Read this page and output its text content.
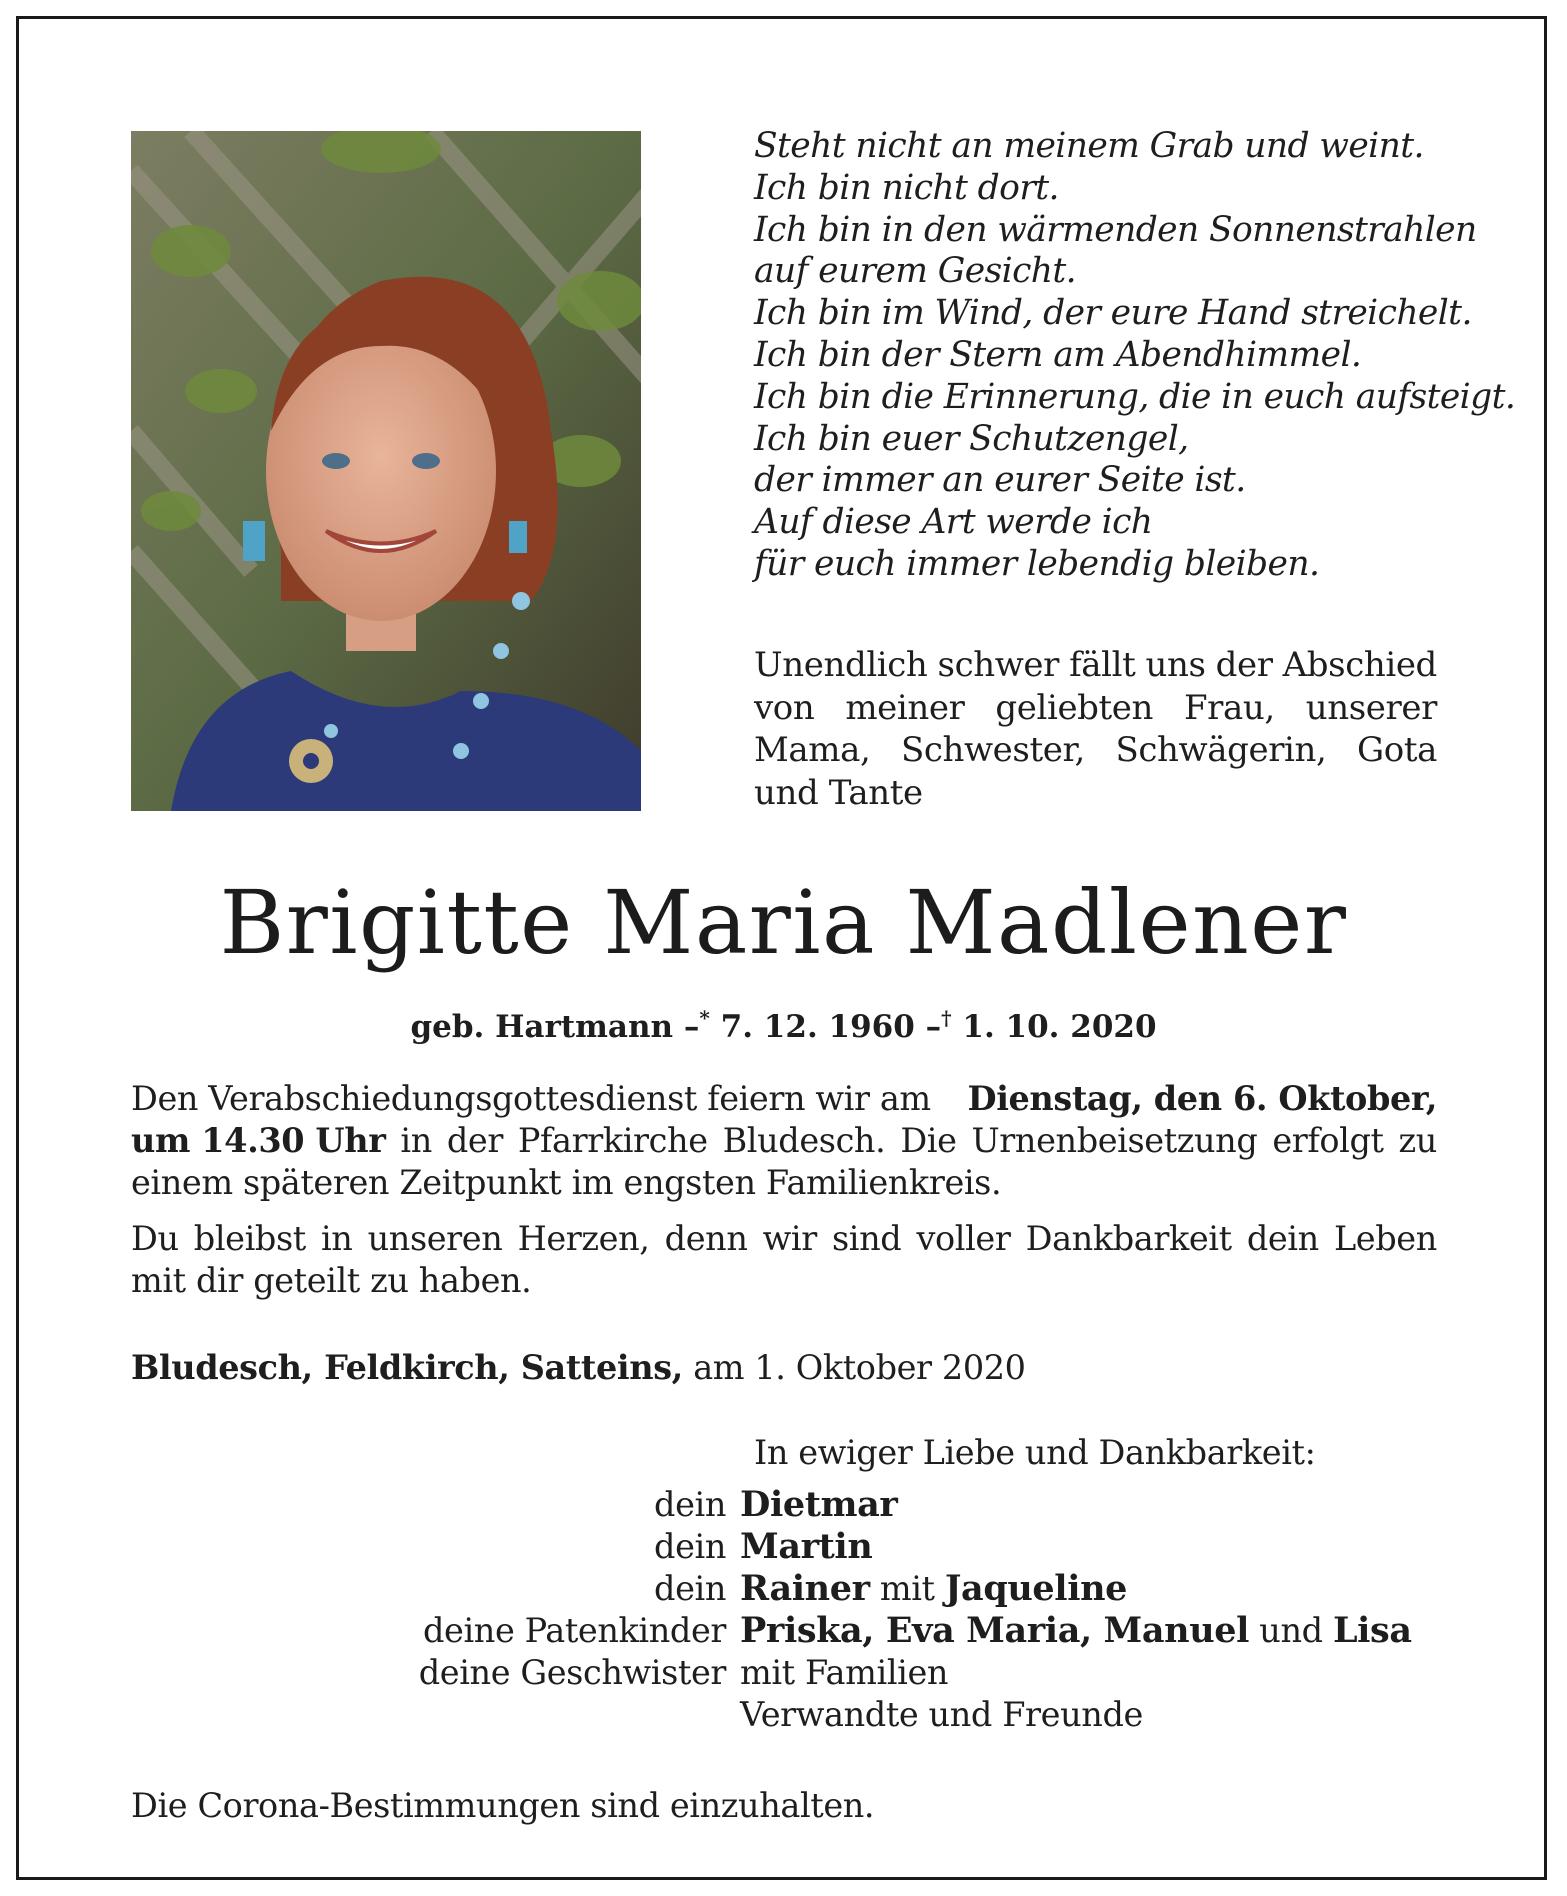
Steht nicht an meinem Grab und weint.
Ich bin nicht dort.
Ich bin in den wärmenden Sonnenstrahlen
auf eurem Gesicht.
Ich bin im Wind, der eure Hand streichelt.
Ich bin der Stern am Abendhimmel.
Ich bin die Erinnerung, die in euch aufsteigt.
Ich bin euer Schutzengel,
der immer an eurer Seite ist.
Auf diese Art werde ich
für euch immer lebendig bleiben.
Unendlich schwer fällt uns der Abschied
von meiner geliebten Frau, unserer
Mama, Schwester, Schwägerin, Gota
und Tante
Brigitte Maria Madlener
geb. Hartmann –* 7. 12. 1960 –† 1. 10. 2020
Den Verabschiedungsgottesdienst feiern wir am Dienstag, den 6. Oktober,
um 14.30 Uhr in der Pfarrkirche Bludesch. Die Urnenbeisetzung erfolgt zu
einem späteren Zeitpunkt im engsten Familienkreis.
Du bleibst in unseren Herzen, denn wir sind voller Dankbarkeit dein Leben
mit dir geteilt zu haben.
Bludesch, Feldkirch, Satteins, am 1. Oktober 2020
In ewiger Liebe und Dankbarkeit:
dein Dietmar
dein Martin
dein Rainer mit Jaqueline
deine Patenkinder Priska, Eva Maria, Manuel und Lisa
deine Geschwister mit Familien
Verwandte und Freunde
Die Corona-Bestimmungen sind einzuhalten.
